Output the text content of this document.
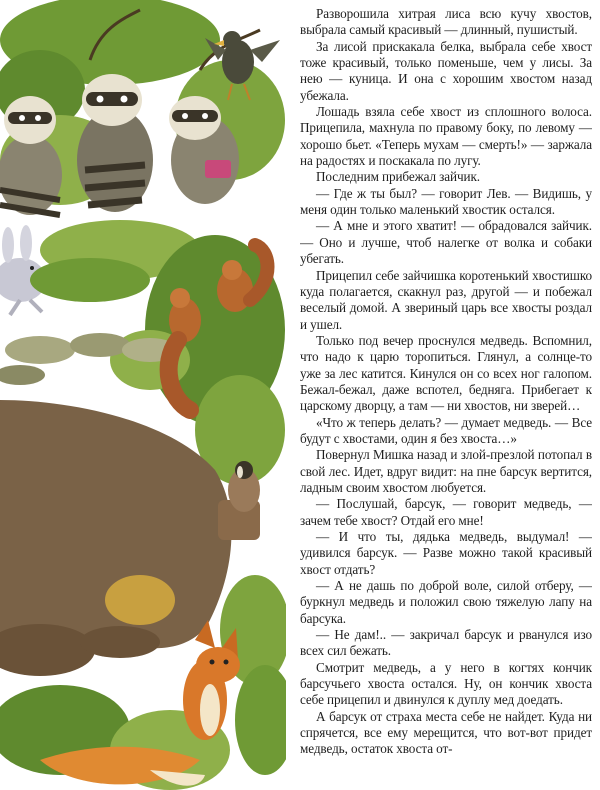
Разворошила хитрая лиса всю кучу хвостов, выбрала самый красивый — длинный, пушистый.

За лисой прискакала белка, выбрала себе хвост тоже красивый, только поменьше, чем у лисы. За нею — куница. И она с хорошим хвостом назад убежала.

Лошадь взяла себе хвост из сплошного волоса. Прицепила, махнула по правому боку, по левому — хорошо бьет. «Теперь мухам — смерть!» — заржала на радостях и поскакала по лугу.

Последним прибежал зайчик.

— Где ж ты был? — говорит Лев. — Видишь, у меня один только маленький хвостик остался.

— А мне и этого хватит! — обрадовался зайчик. — Оно и лучше, чтоб налегке от волка и собаки убегать.

Прицепил себе зайчишка коротенький хвостишко куда полагается, скакнул раз, другой — и побежал веселый домой. А звериный царь все хвосты роздал и ушел.

Только под вечер проснулся медведь. Вспомнил, что надо к царю торопиться. Глянул, а солнце-то уже за лес катится. Кинулся он со всех ног галопом. Бежал-бежал, даже вспотел, бедняга. Прибегает к царскому дворцу, а там — ни хвостов, ни зверей…

«Что ж теперь делать? — думает медведь. — Все будут с хвостами, один я без хвоста…»

Повернул Мишка назад и злой-презлой потопал в свой лес. Идет, вдруг видит: на пне барсук вертится, ладным своим хвостом любуется.

— Послушай, барсук, — говорит медведь, — зачем тебе хвост? Отдай его мне!

— И что ты, дядька медведь, выдумал! — удивился барсук. — Разве можно такой красивый хвост отдать?

— А не дашь по доброй воле, силой отберу, — буркнул медведь и положил свою тяжелую лапу на барсука.

— Не дам!.. — закричал барсук и рванулся изо всех сил бежать.

Смотрит медведь, а у него в когтях кончик барсучьего хвоста остался. Ну, он кончик хвоста себе прицепил и двинулся к дуплу мед доедать.

А барсук от страха места себе не найдет. Куда ни спрячется, все ему мерещится, что вот-вот придет медведь, остаток хвоста от-
